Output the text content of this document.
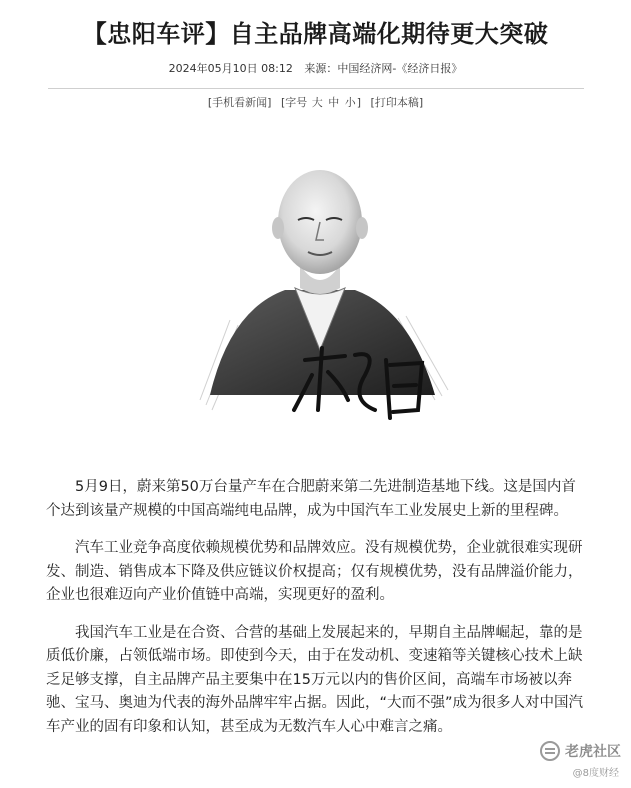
【忠阳车评】自主品牌高端化期待更大突破
2024年05月10日 08:12 来源：中国经济网-《经济日报》
[手机看新闻] [字号 大 中 小] [打印本稿]

5月9日，蔚来第50万台量产车在合肥蔚来第二先进制造基地下线。这是国内首个达到该量产规模的中国高端纯电品牌，成为中国汽车工业发展史上新的里程碑。

汽车工业竞争高度依赖规模优势和品牌效应。没有规模优势，企业就很难实现研发、制造、销售成本下降及供应链议价权提高；仅有规模优势，没有品牌溢价能力，企业也很难迈向产业价值链中高端，实现更好的盈利。

我国汽车工业是在合资、合营的基础上发展起来的，早期自主品牌崛起，靠的是质低价廉，占领低端市场。即使到今天，由于在发动机、变速箱等关键核心技术上缺乏足够支撑，自主品牌产品主要集中在15万元以内的售价区间，高端车市场被以奔驰、宝马、奥迪为代表的海外品牌牢牢占据。因此，“大而不强”成为很多人对中国汽车产业的固有印象和认知，甚至成为无数汽车人心中难言之痛。

老虎社区
@8度财经
